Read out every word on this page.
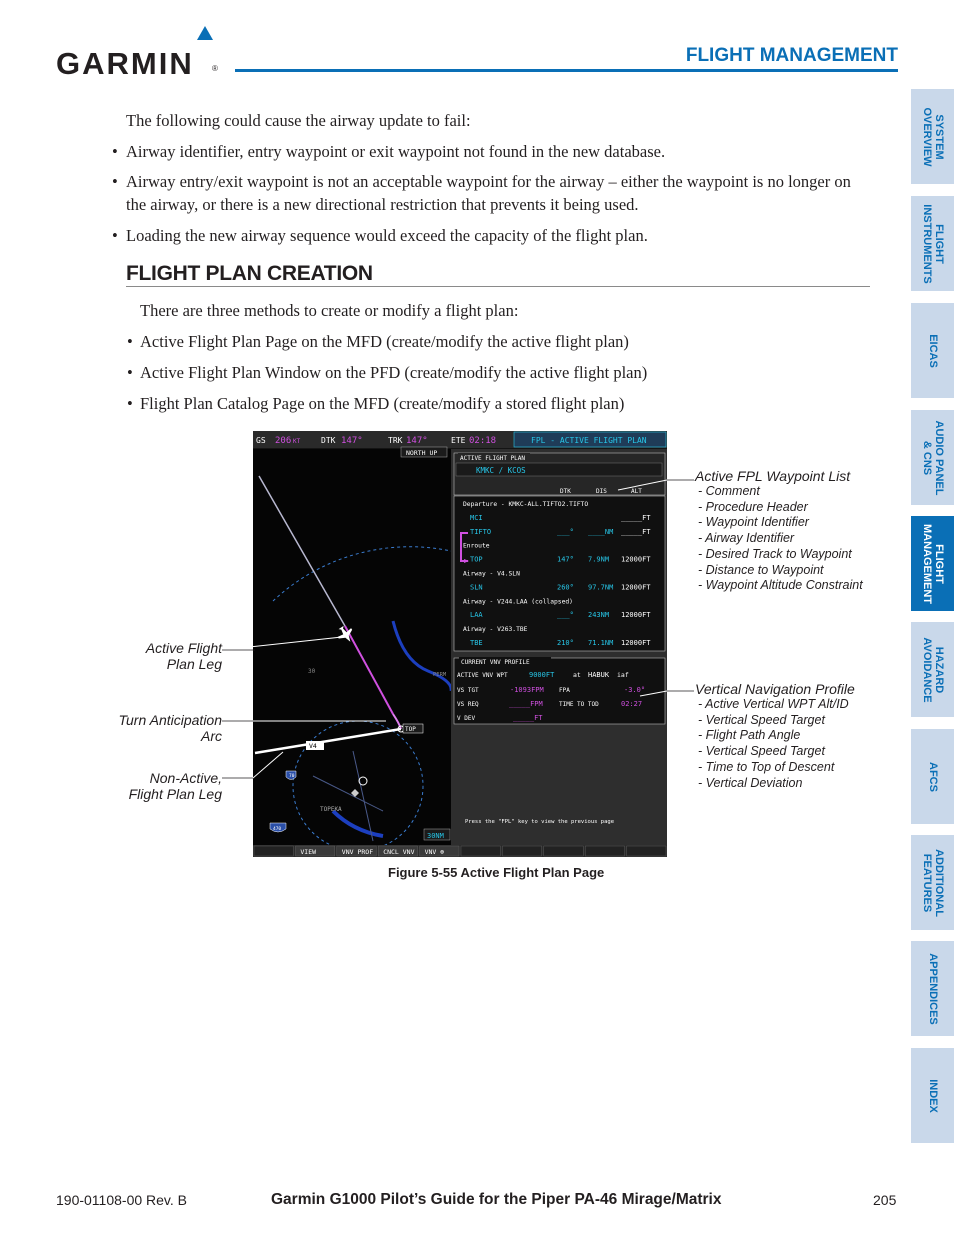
GARMIN ®
FLIGHT MANAGEMENT
The following could cause the airway update to fail:
• Airway identifier, entry waypoint or exit waypoint not found in the new database.
• Airway entry/exit waypoint is not an acceptable waypoint for the airway – either the waypoint is no longer on the airway, or there is a new directional restriction that prevents it being used.
• Loading the new airway sequence would exceed the capacity of the flight plan.
FLIGHT PLAN CREATION
There are three methods to create or modify a flight plan:
• Active Flight Plan Page on the MFD (create/modify the active flight plan)
• Active Flight Plan Window on the PFD (create/modify the active flight plan)
• Flight Plan Catalog Page on the MFD (create/modify a stored flight plan)
GS 206 KT	DTK 147°	TRK 147°	ETE 02:18	FPL - ACTIVE FLIGHT PLAN
NORTH UP
TOP
V4
30	PERM
TOPEKA
70
470
30NM
ACTIVE FLIGHT PLAN
KMKC / KCOS
DTK	DIS	ALT
Departure - KMKC-ALL.TIFTO2.TIFTO
MCI	_____FT
TIFTO	___° ____NM _____FT
Enroute
TOP	147° 7.9NM 12000FT
Airway - V4.SLN
SLN	260° 97.7NM 12000FT
Airway - V244.LAA (collapsed)
LAA	___° 243NM 12000FT
Airway - V263.TBE
TBE	210° 71.1NM 12000FT
CURRENT VNV PROFILE
ACTIVE VNV WPT	9000FT	at HABUK iaf
VS TGT	-1093FPM	FPA	-3.0°
VS REQ	_____FPM	TIME TO TOD	02:27
V DEV	_____FT
Press the "FPL" key to view the previous page
VIEW	VNV PROF CNCL VNV VNV ⊕
Active Flight
Plan Leg
Turn Anticipation
Arc
Non-Active,
Flight Plan Leg
Active FPL Waypoint List
- Comment
- Procedure Header
- Waypoint Identifier
- Airway Identifier
- Desired Track to Waypoint
- Distance to Waypoint
- Waypoint Altitude Constraint
Vertical Navigation Profile
- Active Vertical WPT Alt/ID
- Vertical Speed Target
- Flight Path Angle
- Vertical Speed Target
- Time to Top of Descent
- Vertical Deviation
Figure 5-55 Active Flight Plan Page
SYSTEM
OVERVIEW
FLIGHT
INSTRUMENTS
EICAS
AUDIO PANEL
& CNS
FLIGHT
MANAGEMENT
HAZARD
AVOIDANCE
AFCS
ADDITIONAL
FEATURES
APPENDICES
INDEX
190-01108-00 Rev. B	Garmin G1000 Pilot’s Guide for the Piper PA-46 Mirage/Matrix	205
